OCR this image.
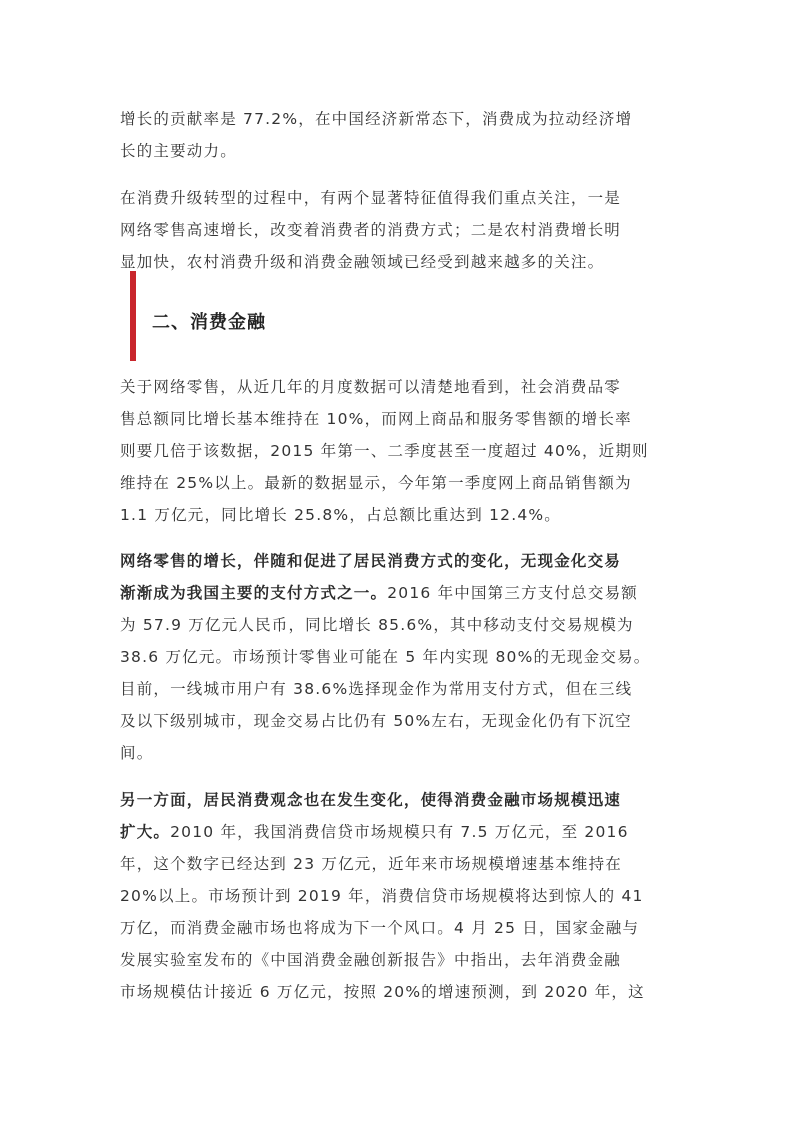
增长的贡献率是 77.2%，在中国经济新常态下，消费成为拉动经济增
长的主要动力。

在消费升级转型的过程中，有两个显著特征值得我们重点关注，一是
网络零售高速增长，改变着消费者的消费方式；二是农村消费增长明
显加快，农村消费升级和消费金融领域已经受到越来越多的关注。

二、消费金融

关于网络零售，从近几年的月度数据可以清楚地看到，社会消费品零
售总额同比增长基本维持在 10%，而网上商品和服务零售额的增长率
则要几倍于该数据，2015 年第一、二季度甚至一度超过 40%，近期则
维持在 25%以上。最新的数据显示，今年第一季度网上商品销售额为
1.1 万亿元，同比增长 25.8%，占总额比重达到 12.4%。

网络零售的增长，伴随和促进了居民消费方式的变化，无现金化交易
渐渐成为我国主要的支付方式之一。2016 年中国第三方支付总交易额
为 57.9 万亿元人民币，同比增长 85.6%，其中移动支付交易规模为
38.6 万亿元。市场预计零售业可能在 5 年内实现 80%的无现金交易。
目前，一线城市用户有 38.6%选择现金作为常用支付方式，但在三线
及以下级别城市，现金交易占比仍有 50%左右，无现金化仍有下沉空
间。

另一方面，居民消费观念也在发生变化，使得消费金融市场规模迅速
扩大。2010 年，我国消费信贷市场规模只有 7.5 万亿元，至 2016
年，这个数字已经达到 23 万亿元，近年来市场规模增速基本维持在
20%以上。市场预计到 2019 年，消费信贷市场规模将达到惊人的 41
万亿，而消费金融市场也将成为下一个风口。4 月 25 日，国家金融与
发展实验室发布的《中国消费金融创新报告》中指出，去年消费金融
市场规模估计接近 6 万亿元，按照 20%的增速预测，到 2020 年，这
